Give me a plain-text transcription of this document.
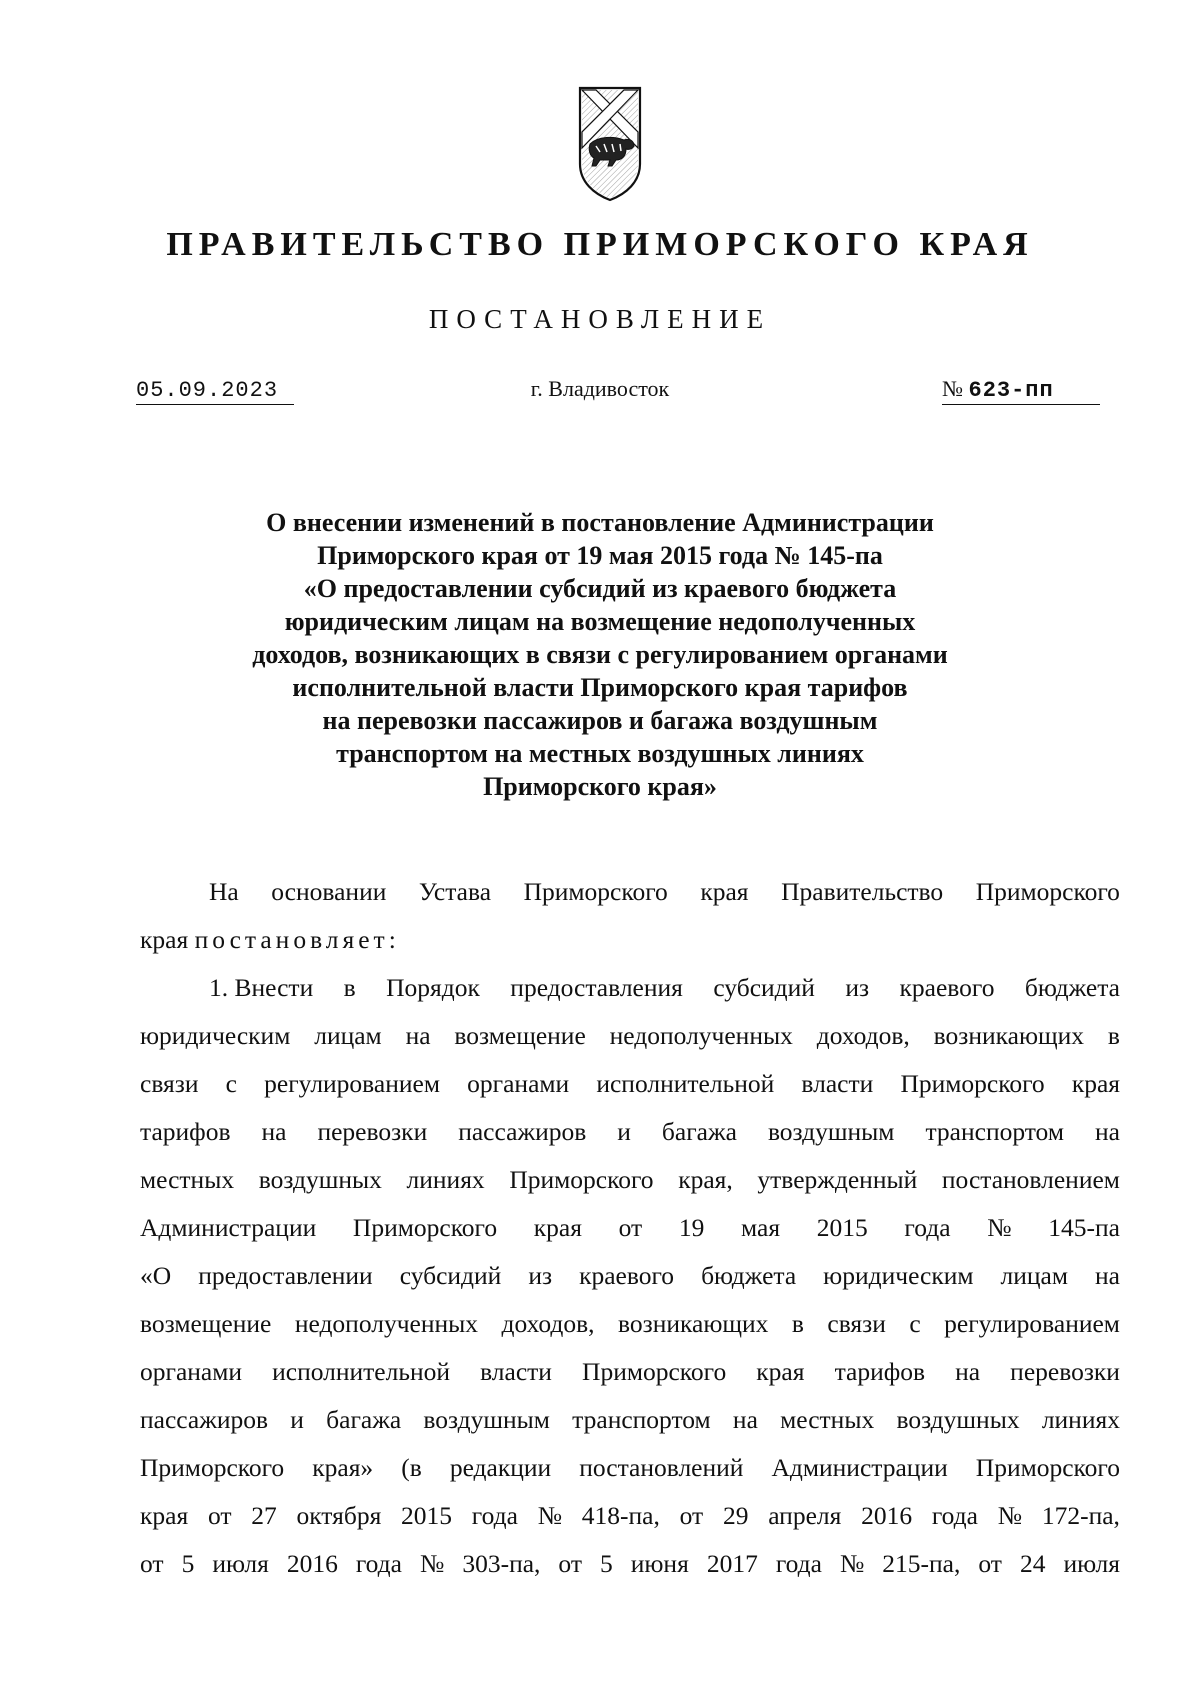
ПРАВИТЕЛЬСТВО ПРИМОРСКОГО КРАЯ
ПОСТАНОВЛЕНИЕ
05.09.2023	г. Владивосток	№ 623-пп
О внесении изменений в постановление Администрации
Приморского края от 19 мая 2015 года № 145-па
«О предоставлении субсидий из краевого бюджета
юридическим лицам на возмещение недополученных
доходов, возникающих в связи с регулированием органами
исполнительной власти Приморского края тарифов
на перевозки пассажиров и багажа воздушным
транспортом на местных воздушных линиях
Приморского края»
На основании Устава Приморского края Правительство Приморского
края
постановляет:
1. Внести в Порядок предоставления субсидий из краевого бюджета
юридическим лицам на возмещение недополученных доходов, возникающих в
связи с регулированием органами исполнительной власти Приморского края
тарифов на перевозки пассажиров и багажа воздушным транспортом на
местных воздушных линиях Приморского края, утвержденный постановлением
Администрации Приморского края от 19 мая 2015 года № 145-па
«О предоставлении субсидий из краевого бюджета юридическим лицам на
возмещение недополученных доходов, возникающих в связи с регулированием
органами исполнительной власти Приморского края тарифов на перевозки
пассажиров и багажа воздушным транспортом на местных воздушных линиях
Приморского края» (в редакции постановлений Администрации Приморского
края от 27 октября 2015 года № 418-па, от 29 апреля 2016 года № 172-па,
от 5 июля 2016 года № 303-па, от 5 июня 2017 года № 215-па, от 24 июля
